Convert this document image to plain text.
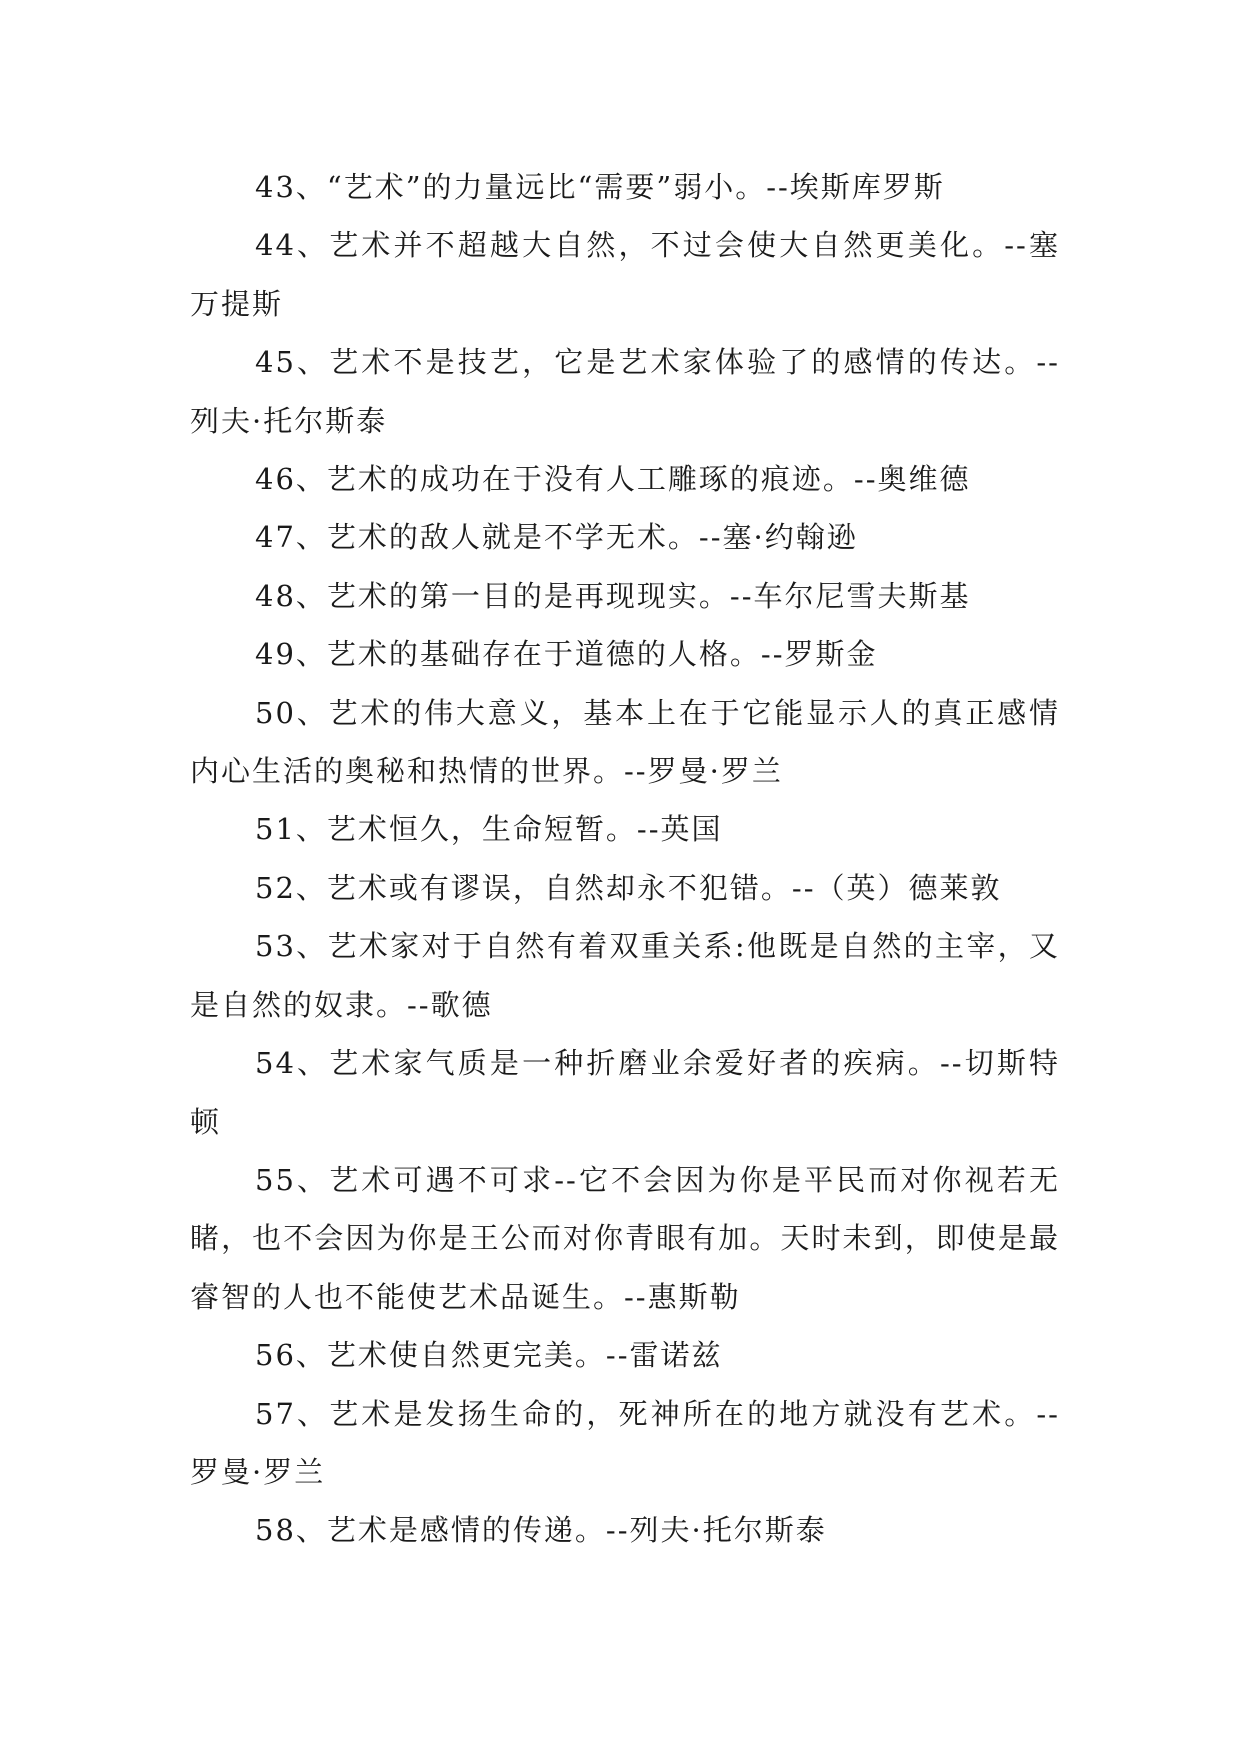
43、“艺术”的力量远比“需要”弱小。--埃斯库罗斯

44、艺术并不超越大自然，不过会使大自然更美化。--塞万提斯

45、艺术不是技艺，它是艺术家体验了的感情的传达。--列夫·托尔斯泰

46、艺术的成功在于没有人工雕琢的痕迹。--奥维德

47、艺术的敌人就是不学无术。--塞·约翰逊

48、艺术的第一目的是再现现实。--车尔尼雪夫斯基

49、艺术的基础存在于道德的人格。--罗斯金

50、艺术的伟大意义，基本上在于它能显示人的真正感情内心生活的奥秘和热情的世界。--罗曼·罗兰

51、艺术恒久，生命短暂。--英国

52、艺术或有谬误，自然却永不犯错。--（英）德莱敦

53、艺术家对于自然有着双重关系:他既是自然的主宰，又是自然的奴隶。--歌德

54、艺术家气质是一种折磨业余爱好者的疾病。--切斯特顿

55、艺术可遇不可求--它不会因为你是平民而对你视若无睹，也不会因为你是王公而对你青眼有加。天时未到，即使是最睿智的人也不能使艺术品诞生。--惠斯勒

56、艺术使自然更完美。--雷诺兹

57、艺术是发扬生命的，死神所在的地方就没有艺术。--罗曼·罗兰

58、艺术是感情的传递。--列夫·托尔斯泰
